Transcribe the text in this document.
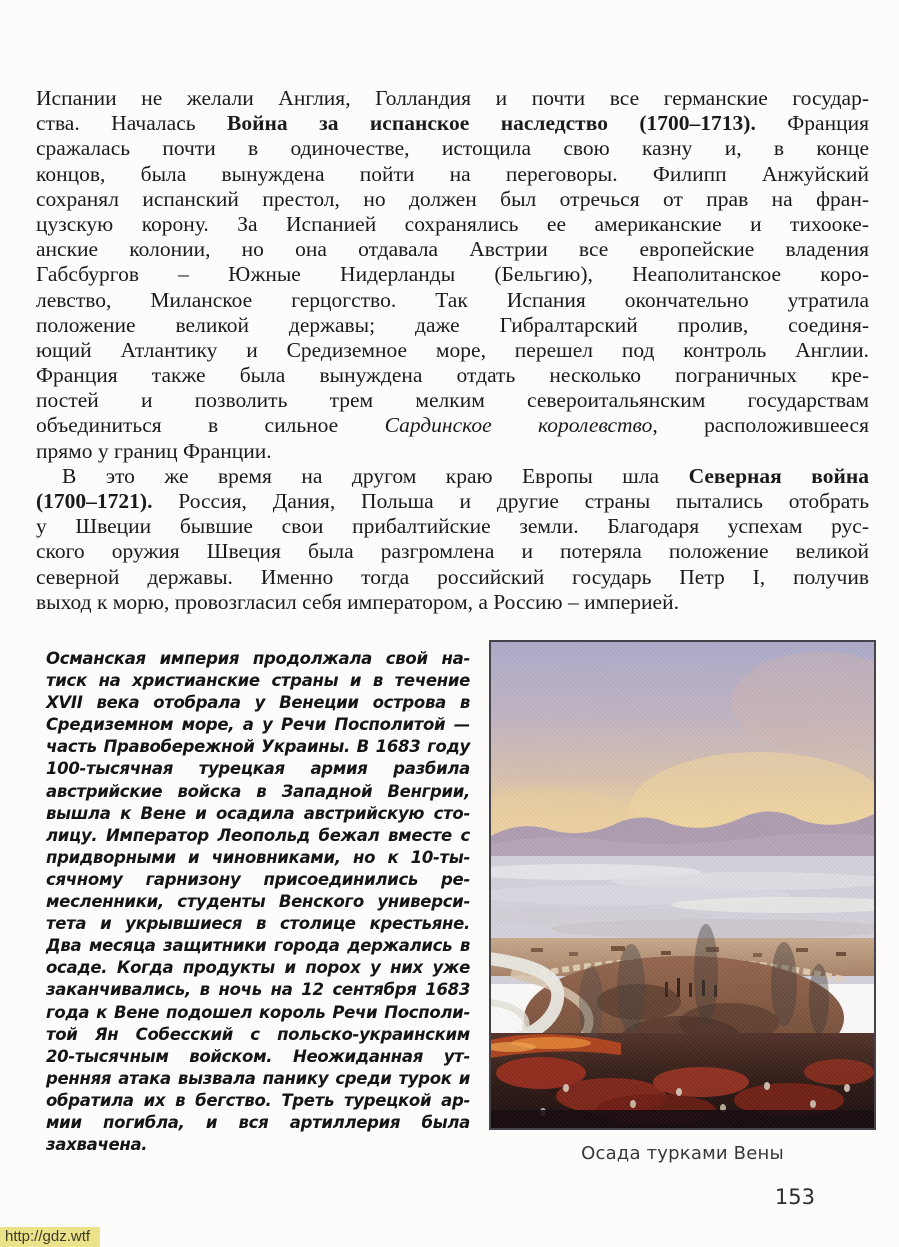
Испании не желали Англия, Голландия и почти все германские государ-
ства. Началась Война за испанское наследство (1700–1713). Франция
сражалась почти в одиночестве, истощила свою казну и, в конце
концов, была вынуждена пойти на переговоры. Филипп Анжуйский
сохранял испанский престол, но должен был отречься от прав на фран-
цузскую корону. За Испанией сохранялись ее американские и тихооке-
анские колонии, но она отдавала Австрии все европейские владения
Габсбургов – Южные Нидерланды (Бельгию), Неаполитанское коро-
левство, Миланское герцогство. Так Испания окончательно утратила
положение великой державы; даже Гибралтарский пролив, соединя-
ющий Атлантику и Средиземное море, перешел под контроль Англии.
Франция также была вынуждена отдать несколько пограничных кре-
постей и позволить трем мелким североитальянским государствам
объединиться в сильное Сардинское королевство, расположившееся
прямо у границ Франции.
В это же время на другом краю Европы шла Северная война
(1700–1721). Россия, Дания, Польша и другие страны пытались отобрать
у Швеции бывшие свои прибалтийские земли. Благодаря успехам рус-
ского оружия Швеция была разгромлена и потеряла положение великой
северной державы. Именно тогда российский государь Петр I, получив
выход к морю, провозгласил себя императором, а Россию – империей.
Османская империя продолжала свой на-
тиск на христианские страны и в течение
XVII века отобрала у Венеции острова в
Средиземном море, а у Речи Посполитой —
часть Правобережной Украины. В 1683 году
100-тысячная турецкая армия разбила
австрийские войска в Западной Венгрии,
вышла к Вене и осадила австрийскую сто-
лицу. Император Леопольд бежал вместе с
придворными и чиновниками, но к 10-ты-
сячному гарнизону присоединились ре-
месленники, студенты Венского универси-
тета и укрывшиеся в столице крестьяне.
Два месяца защитники города держались в
осаде. Когда продукты и порох у них уже
заканчивались, в ночь на 12 сентября 1683
года к Вене подошел король Речи Посполи-
той Ян Собесский с польско-украинским
20-тысячным войском. Неожиданная ут-
ренняя атака вызвала панику среди турок и
обратила их в бегство. Треть турецкой ар-
мии погибла, и вся артиллерия была
захвачена.	Осада турками Вены
153
http://gdz.wtf
